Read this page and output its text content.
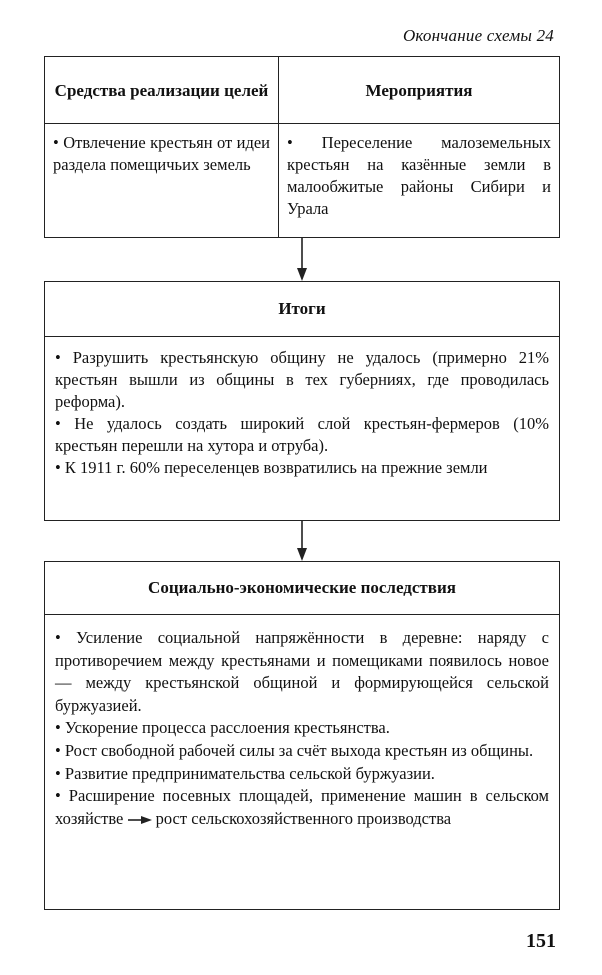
Окончание схемы 24
Средства реализации целей	Мероприятия
• Отвлечение крестьян от идеи раздела помещичьих земель
• Переселение малоземельных крестьян на казённые земли в малообжитые районы Сибири и Урала
Итоги

• Разрушить крестьянскую общину не удалось (примерно 21% крестьян вышли из общины в тех губерниях, где проводилась реформа).

• Не удалось создать широкий слой крестьян-фермеров (10% крестьян перешли на хутора и отруба).

• К 1911 г. 60% переселенцев возвратились на прежние земли

Социально-экономические последствия

• Усиление социальной напряжённости в деревне: наряду с противоречием между крестьянами и помещиками появилось новое — между крестьянской общиной и формирующейся сельской буржуазией.

• Ускорение процесса расслоения крестьянства.

• Рост свободной рабочей силы за счёт выхода крестьян из общины.

• Развитие предпринимательства сельской буржуазии.

• Расширение посевных площадей, применение машин в сельском хозяйстве рост сельскохозяйственного производства

151
